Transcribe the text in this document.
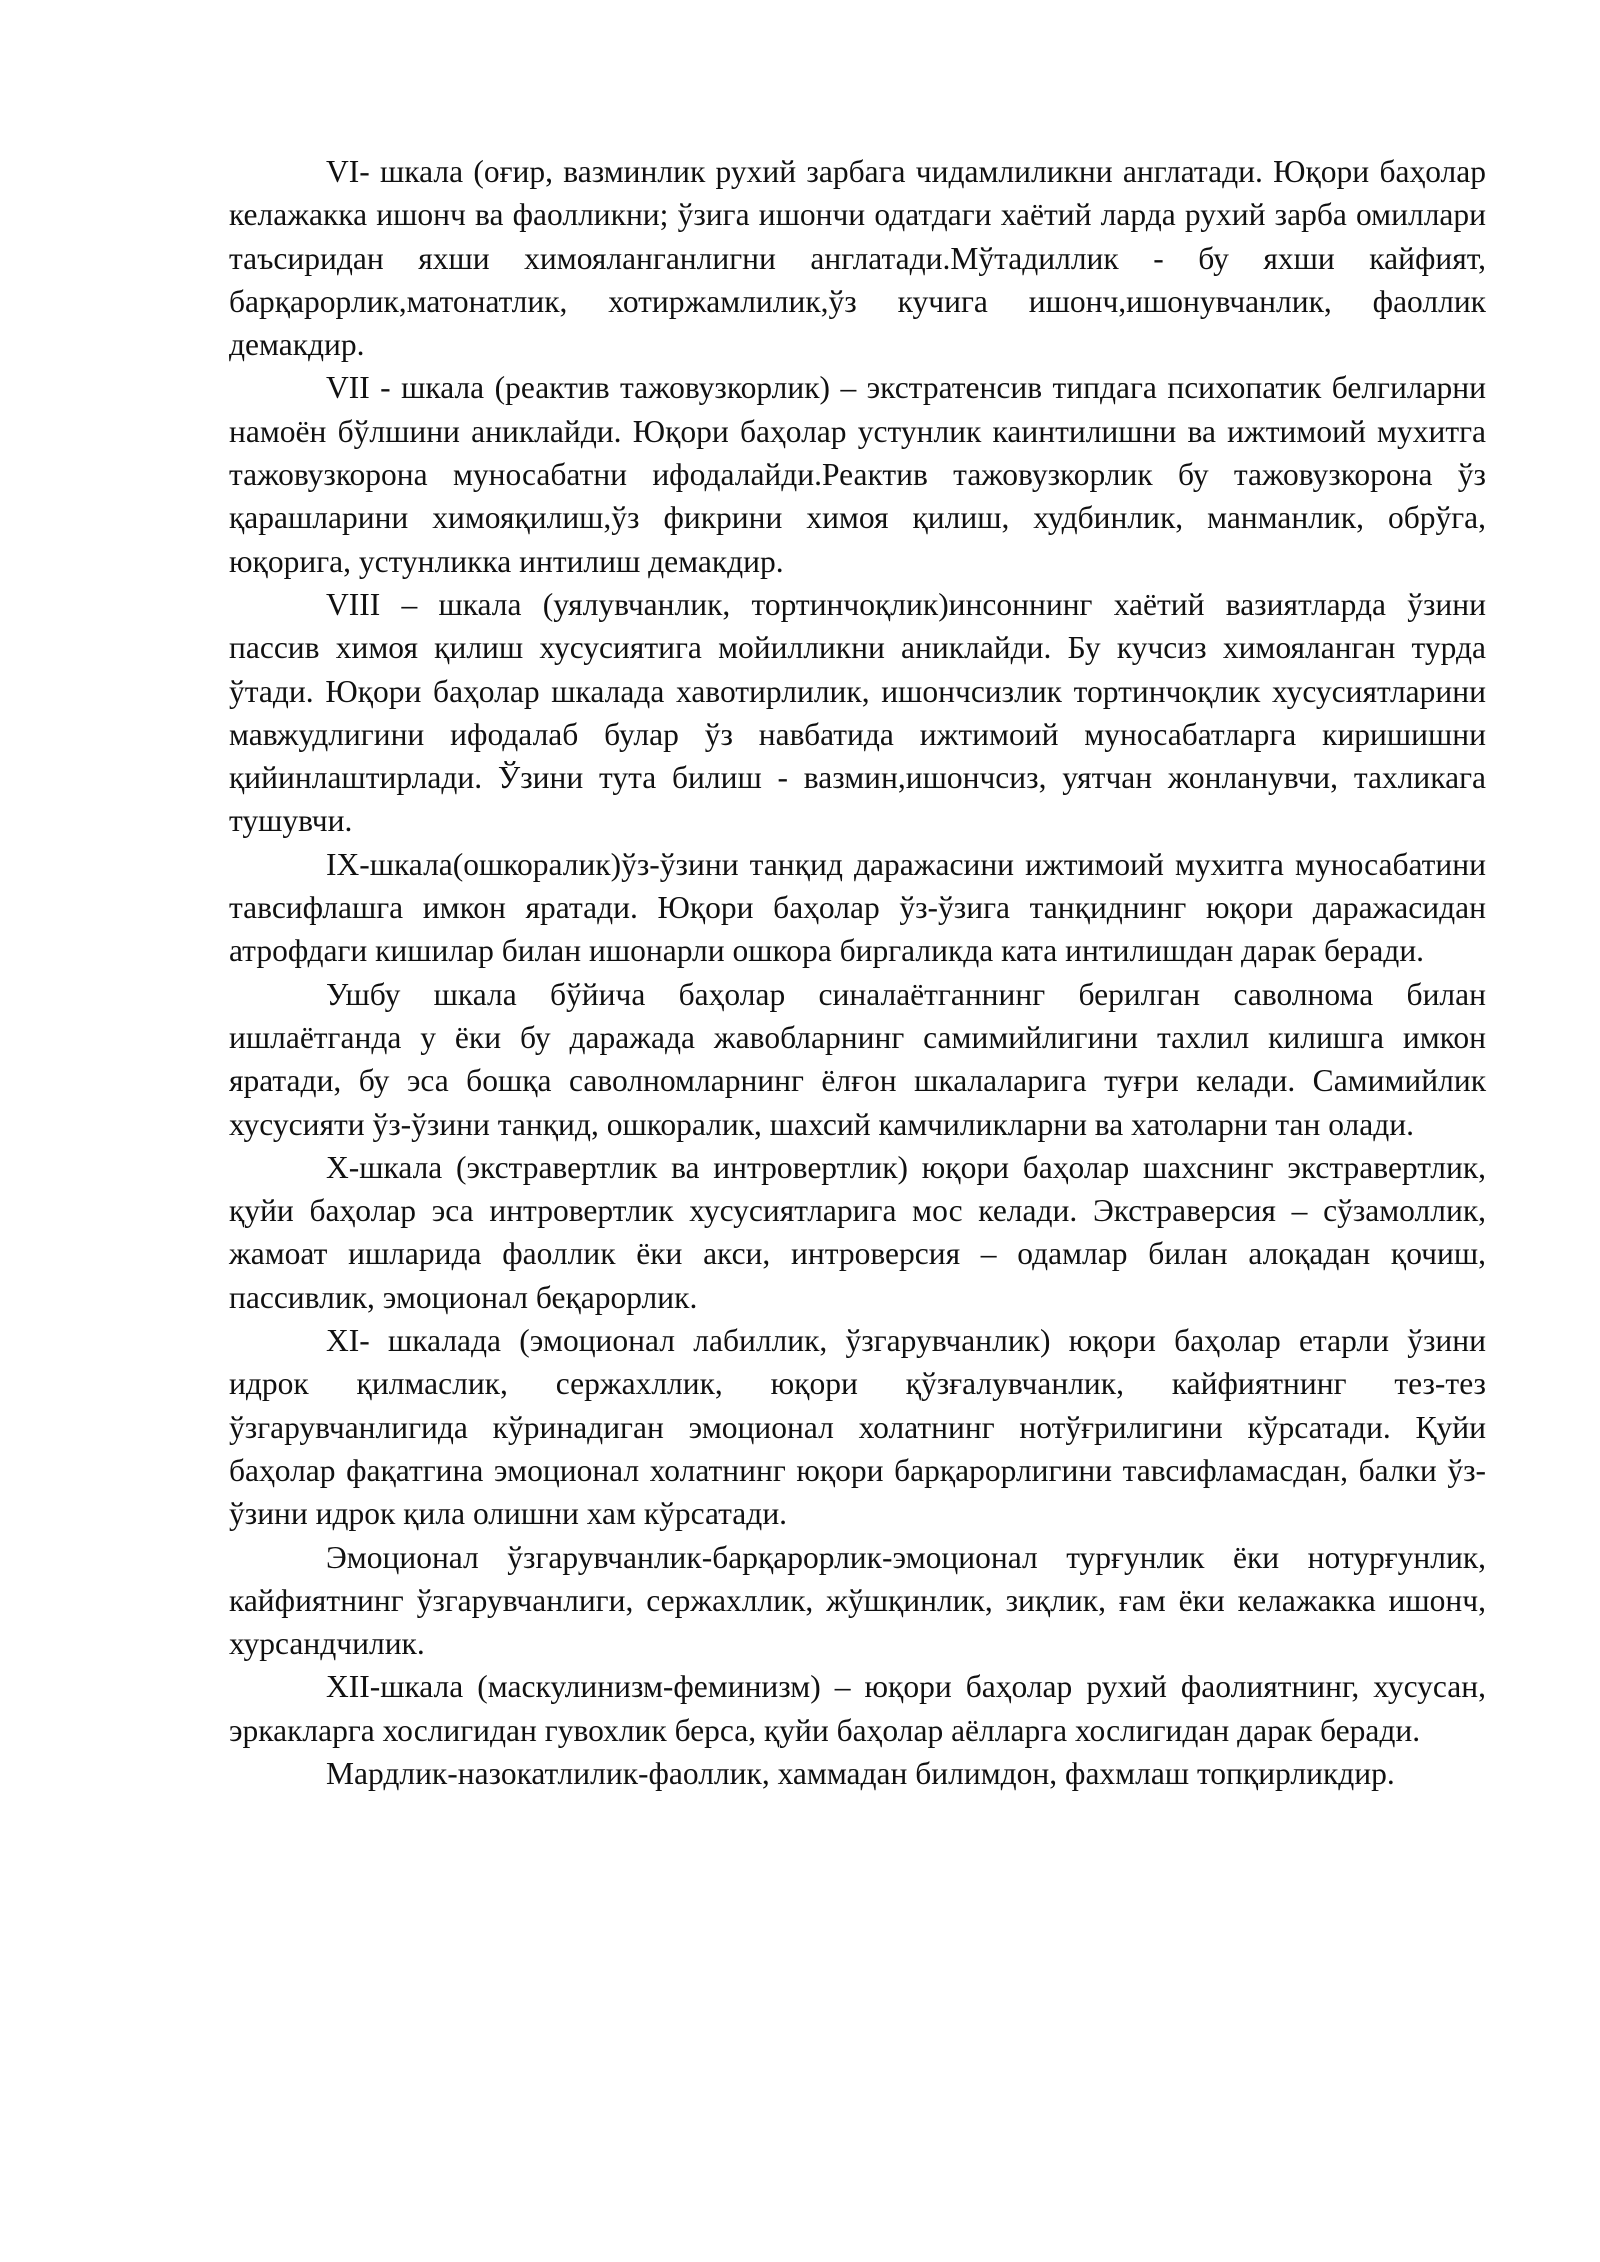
VI- шкала (оғир, вазминлик рухий зарбага чидамлиликни англатади. Юқори баҳолар келажакка ишонч ва фаолликни; ўзига ишончи одатдаги хаётий ларда рухий зарба омиллари таъсиридан яхши химояланганлигни англатади.Мўтадиллик - бу яхши кайфият, барқарорлик,матонатлик, хотиржамлилик,ўз кучига ишонч,ишонувчанлик, фаоллик демакдир.

VII - шкала (реактив тажовузкорлик) – экстратенсив типдага психопатик белгиларни намоён бўлшини аниклайди. Юқори баҳолар устунлик каинтилишни ва ижтимоий мухитга тажовузкорона муносабатни ифодалайди.Реактив тажовузкорлик бу тажовузкорона ўз қарашларини химояқилиш,ўз фикрини химоя қилиш, худбинлик, манманлик, обрўга, юқорига, устунликка интилиш демакдир.

VIII – шкала (уялувчанлик, тортинчоқлик)инсоннинг хаётий вазиятларда ўзини пассив химоя қилиш хусусиятига мойилликни аниклайди. Бу кучсиз химояланган турда ўтади. Юқори баҳолар шкалада хавотирлилик, ишончсизлик тортинчоқлик хусусиятларини мавжудлигини ифодалаб булар ўз навбатида ижтимоий муносабатларга киришишни қийинлаштирлади. Ўзини тута билиш - вазмин,ишончсиз, уятчан жонланувчи, тахликага тушувчи.

IX-шкала(ошкоралик)ўз-ўзини танқид даражасини ижтимоий мухитга муносабатини тавсифлашга имкон яратади. Юқори баҳолар ўз-ўзига танқиднинг юқори даражасидан атрофдаги кишилар билан ишонарли ошкора биргаликда ката интилишдан дарак беради.

Ушбу шкала бўйича баҳолар синалаётганнинг берилган саволнома билан ишлаётганда у ёки бу даражада жавобларнинг самимийлигини тахлил килишга имкон яратади, бу эса бошқа саволномларнинг ёлғон шкалаларига туғри келади. Самимийлик хусусияти ўз-ўзини танқид, ошкоралик, шахсий камчиликларни ва хатоларни тан олади.

X-шкала (экстравертлик ва интровертлик) юқори баҳолар шахснинг экстравертлик, қуйи баҳолар эса интровертлик хусусиятларига мос келади. Экстраверсия – сўзамоллик, жамоат ишларида фаоллик ёки акси, интроверсия – одамлар билан алоқадан қочиш, пассивлик, эмоционал беқарорлик.

XI- шкалада (эмоционал лабиллик, ўзгарувчанлик) юқори баҳолар етарли ўзини идрок қилмаслик, сержахллик, юқори қўзғалувчанлик, кайфиятнинг тез-тез ўзгарувчанлигида кўринадиган эмоционал холатнинг нотўғрилигини кўрсатади. Қуйи баҳолар фақатгина эмоционал холатнинг юқори барқарорлигини тавсифламасдан, балки ўз-ўзини идрок қила олишни хам кўрсатади.

Эмоционал ўзгарувчанлик-барқарорлик-эмоционал турғунлик ёки нотурғунлик, кайфиятнинг ўзгарувчанлиги, сержахллик, жўшқинлик, зиқлик, ғам ёки келажакка ишонч, хурсандчилик.

XII-шкала (маскулинизм-феминизм) – юқори баҳолар рухий фаолиятнинг, хусусан, эркакларга хослигидан гувохлик берса, қуйи баҳолар аёлларга хослигидан дарак беради.

Мардлик-назокатлилик-фаоллик, хаммадан билимдон, фахмлаш топқирликдир.
